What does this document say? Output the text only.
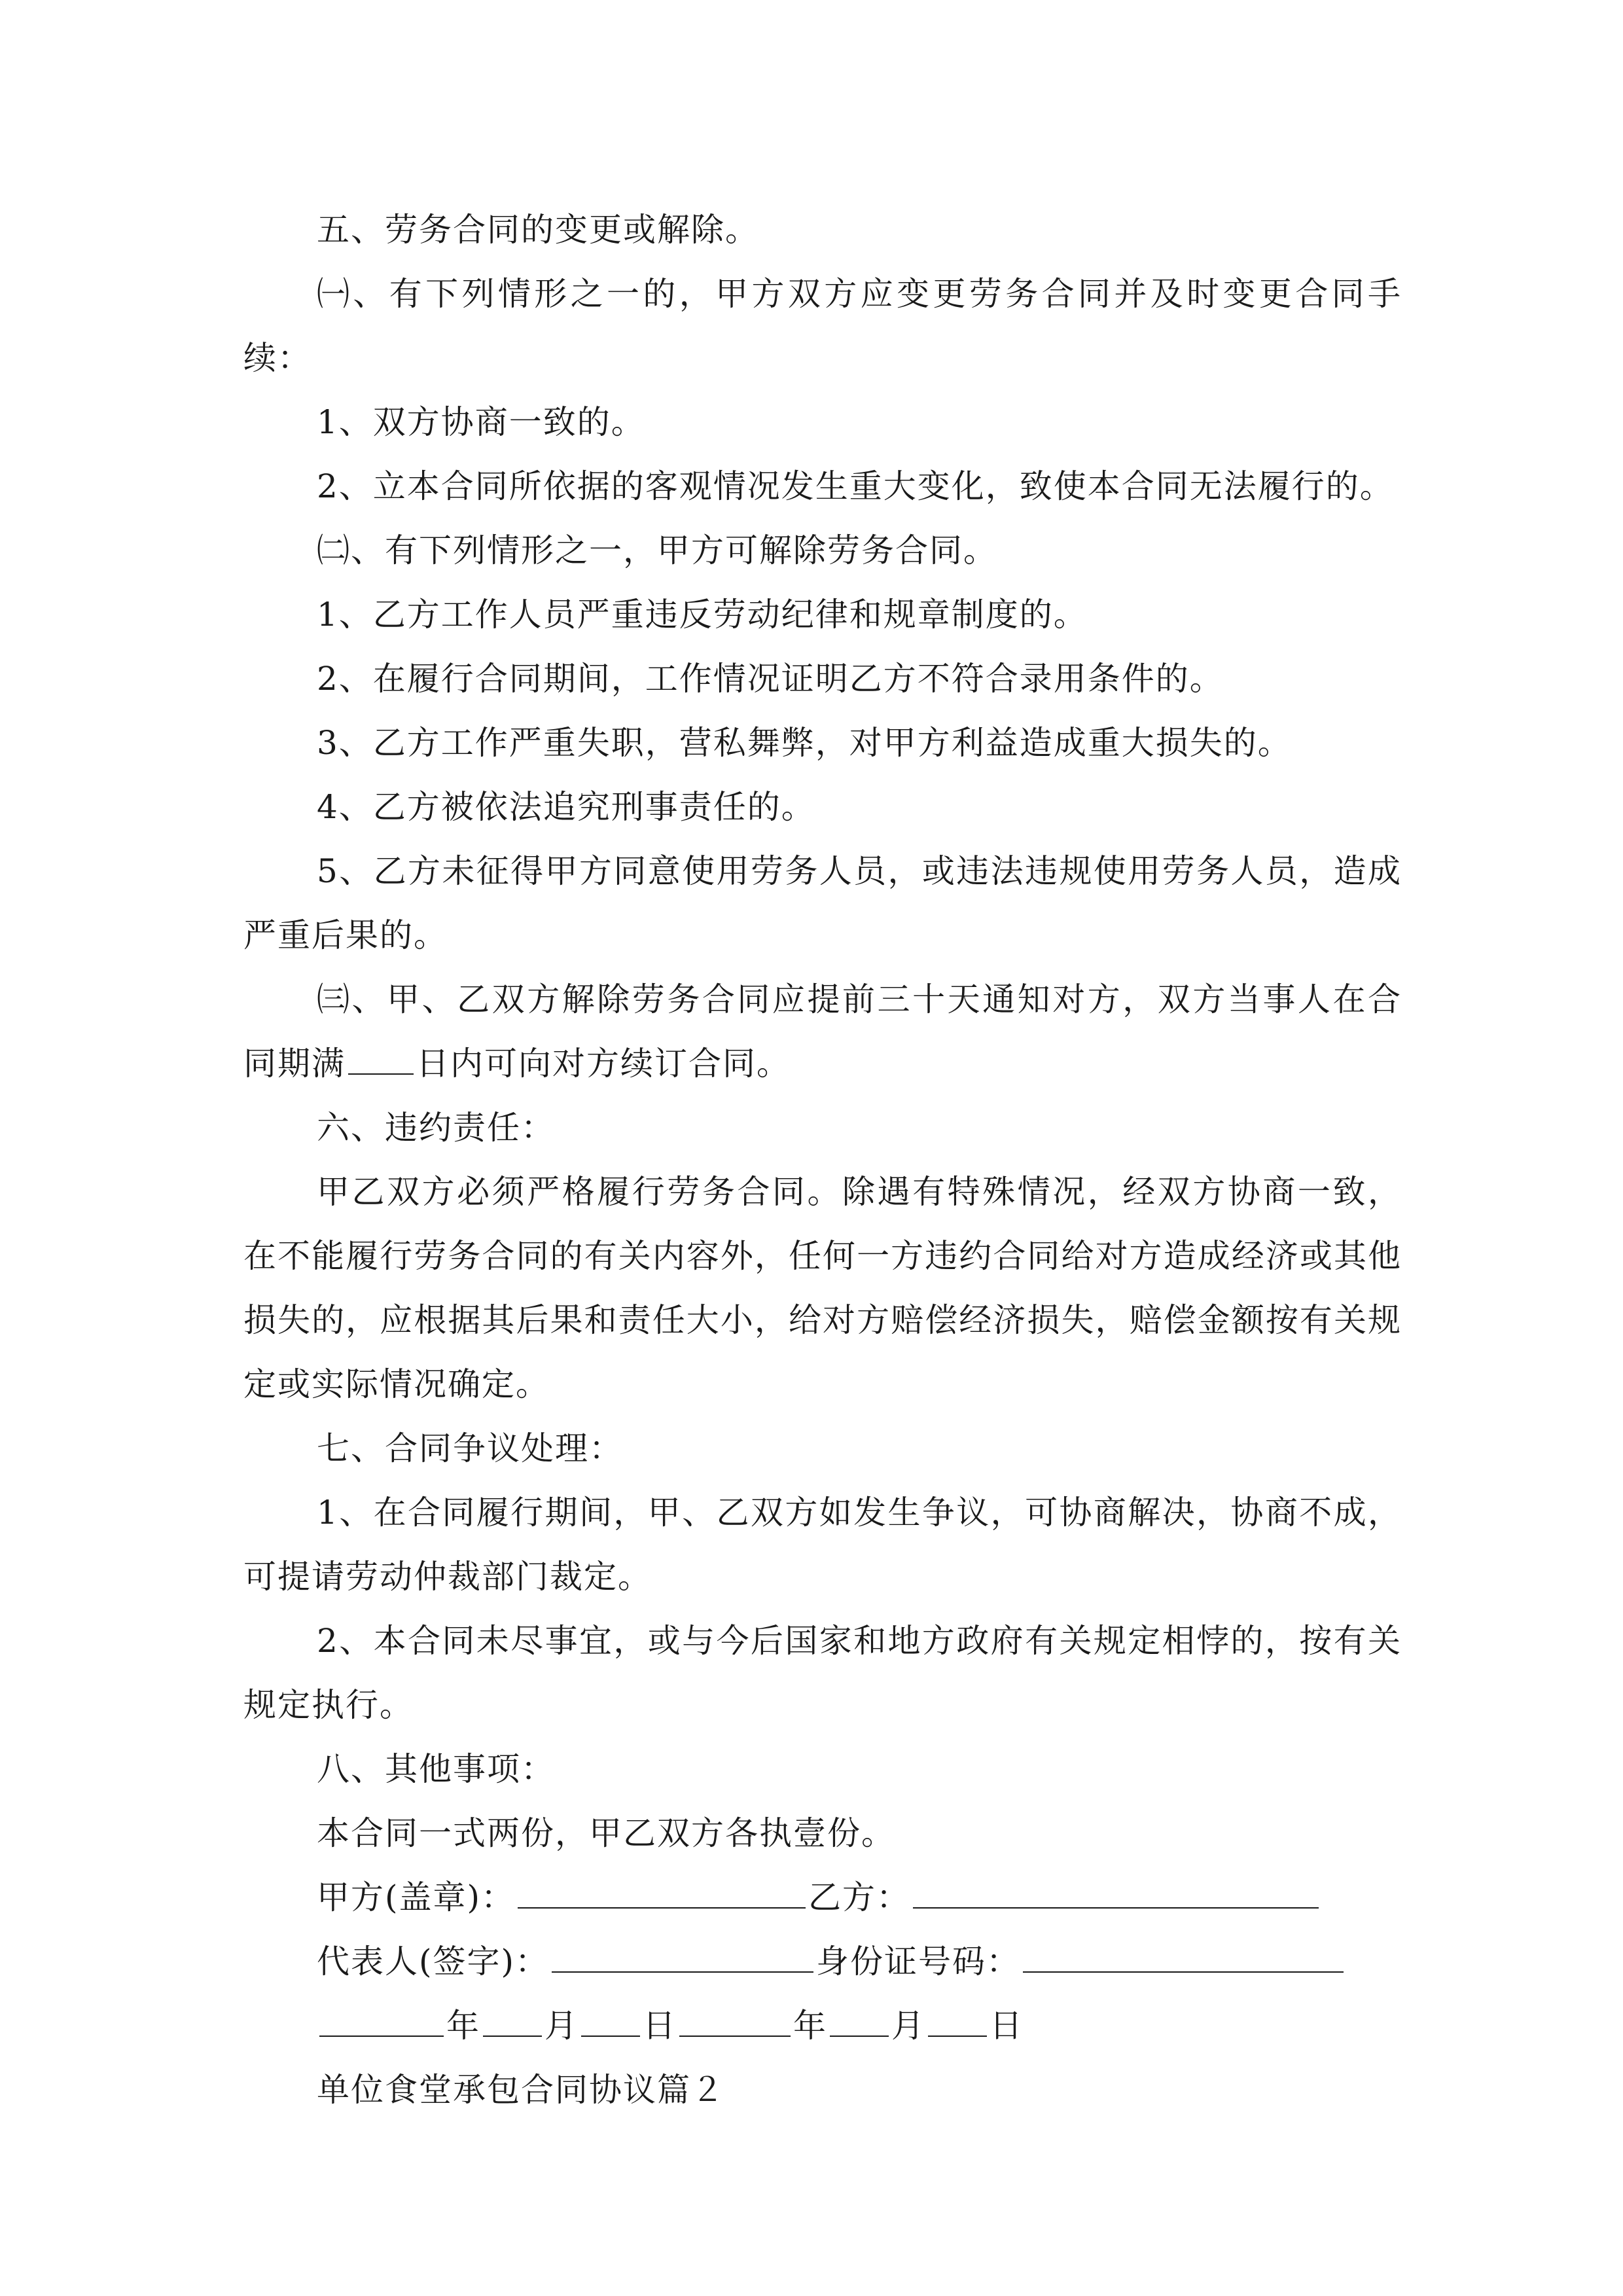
五、劳务合同的变更或解除。

㈠、有下列情形之一的，甲方双方应变更劳务合同并及时变更合同手续：

1、双方协商一致的。

2、立本合同所依据的客观情况发生重大变化，致使本合同无法履行的。

㈡、有下列情形之一，甲方可解除劳务合同。

1、乙方工作人员严重违反劳动纪律和规章制度的。

2、在履行合同期间，工作情况证明乙方不符合录用条件的。

3、乙方工作严重失职，营私舞弊，对甲方利益造成重大损失的。

4、乙方被依法追究刑事责任的。

5、乙方未征得甲方同意使用劳务人员，或违法违规使用劳务人员，造成严重后果的。

㈢、甲、乙双方解除劳务合同应提前三十天通知对方，双方当事人在合同期满 日内可向对方续订合同。

六、违约责任：

甲乙双方必须严格履行劳务合同。除遇有特殊情况，经双方协商一致，在不能履行劳务合同的有关内容外，任何一方违约合同给对方造成经济或其他损失的，应根据其后果和责任大小，给对方赔偿经济损失，赔偿金额按有关规定或实际情况确定。

七、合同争议处理：

1、在合同履行期间，甲、乙双方如发生争议，可协商解决，协商不成，可提请劳动仲裁部门裁定。

2、本合同未尽事宜，或与今后国家和地方政府有关规定相悖的，按有关规定执行。

八、其他事项：

本合同一式两份，甲乙双方各执壹份。

甲方(盖章)：	乙方：

代表人(签字)：	身份证号码：

年 月 日	年 月 日

单位食堂承包合同协议篇２
